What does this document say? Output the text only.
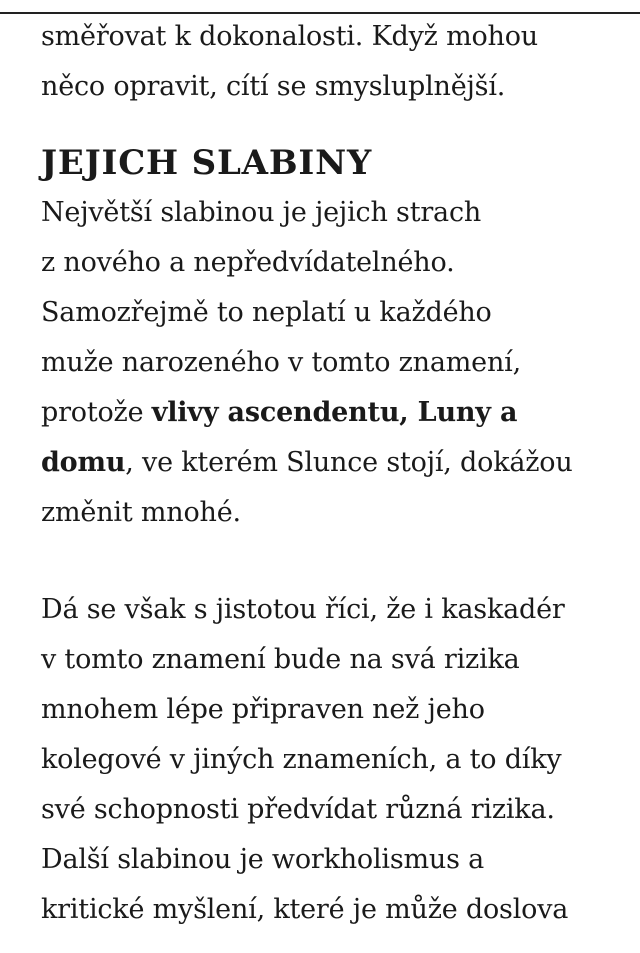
směřovat k dokonalosti. Když mohou
něco opravit, cítí se smysluplnější.

JEJICH SLABINY

Největší slabinou je jejich strach
z nového a nepředvídatelného.
Samozřejmě to neplatí u každého
muže narozeného v tomto znamení,
protože vlivy ascendentu, Luny a
domu, ve kterém Slunce stojí, dokážou
změnit mnohé.

Dá se však s jistotou říci, že i kaskadér
v tomto znamení bude na svá rizika
mnohem lépe připraven než jeho
kolegové v jiných znameních, a to díky
své schopnosti předvídat různá rizika.
Další slabinou je workholismus a
kritické myšlení, které je může doslova
